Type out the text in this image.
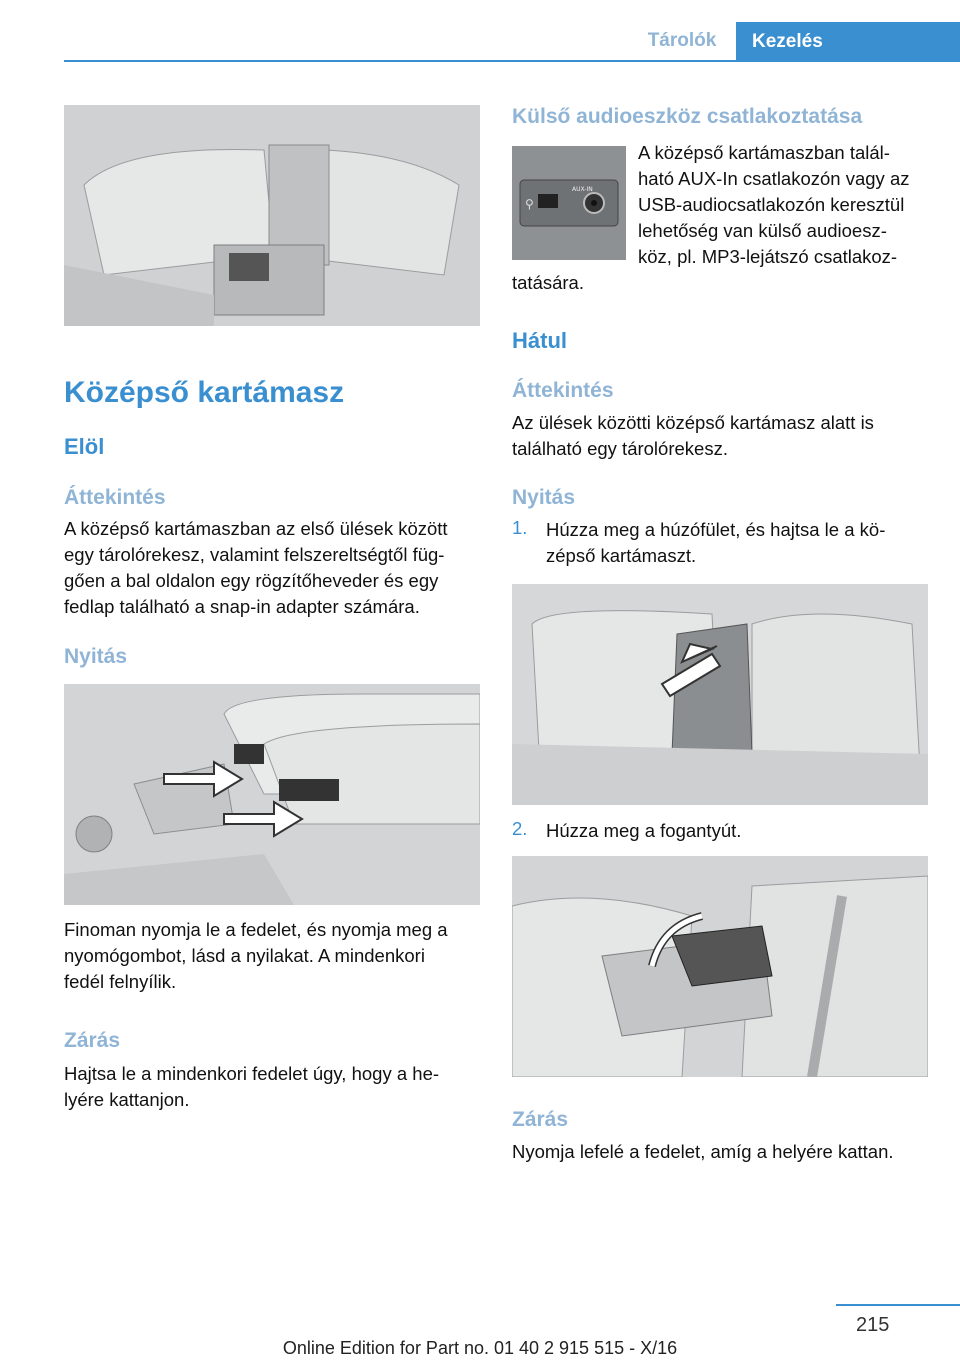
Tárolók	Kezelés
Középső kartámasz
Elöl
Áttekintés
A középső kartámaszban az első ülések között
egy tárolórekesz, valamint felszereltségtől füg-
gően a bal oldalon egy rögzítőheveder és egy
fedlap található a snap-in adapter számára.
Nyitás
Finoman nyomja le a fedelet, és nyomja meg a
nyomógombot, lásd a nyilakat. A mindenkori
fedél felnyílik.
Zárás
Hajtsa le a mindenkori fedelet úgy, hogy a he-
lyére kattanjon.
Külső audioeszköz csatlakoztatása
⚲
AUX-IN
A középső kartámaszban talál-
ható AUX-In csatlakozón vagy az
USB-audiocsatlakozón keresztül
lehetőség van külső audioesz-
köz, pl. MP3-lejátszó csatlakoz-
tatására.
Hátul
Áttekintés
Az ülések közötti középső kartámasz alatt is
található egy tárolórekesz.
Nyitás
1. Húzza meg a húzófület, és hajtsa le a kö-
zépső kartámaszt.
2. Húzza meg a fogantyút.
Zárás
Nyomja lefelé a fedelet, amíg a helyére kattan.
215
Online Edition for Part no. 01 40 2 915 515 - X/16
